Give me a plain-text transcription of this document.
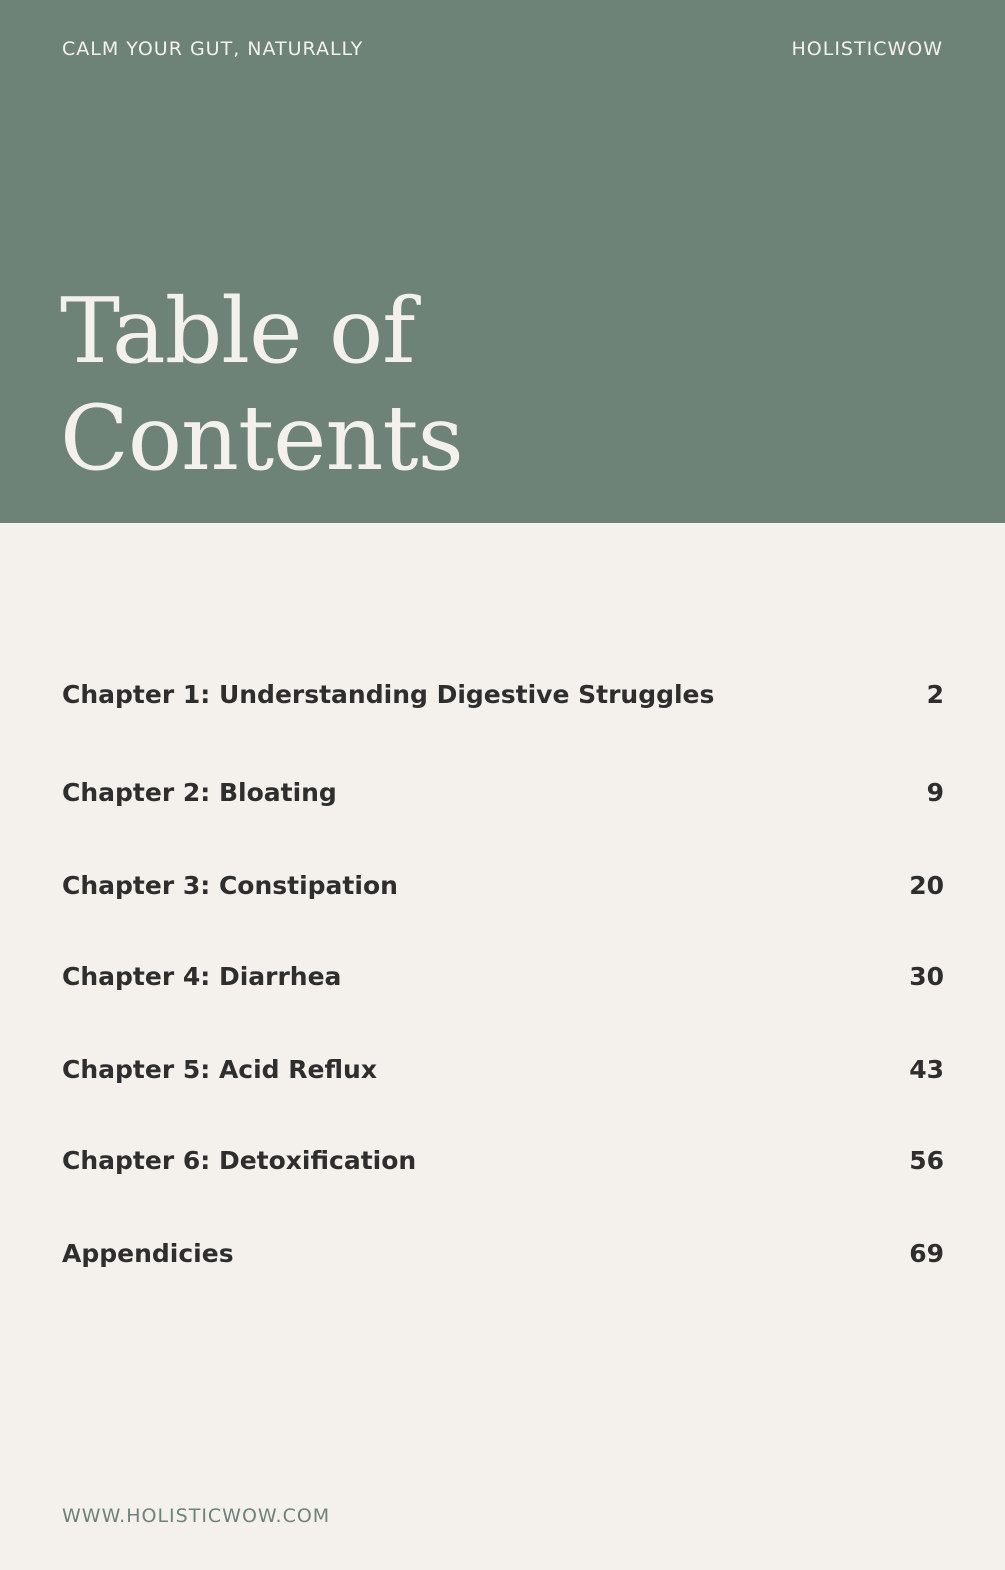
CALM YOUR GUT, NATURALLY	HOLISTICWOW
Table of
Contents
Chapter 1: Understanding Digestive Struggles	2
Chapter 2: Bloating	9
Chapter 3: Constipation	20
Chapter 4: Diarrhea	30
Chapter 5: Acid Reflux	43
Chapter 6: Detoxification	56
Appendicies	69
WWW.HOLISTICWOW.COM
